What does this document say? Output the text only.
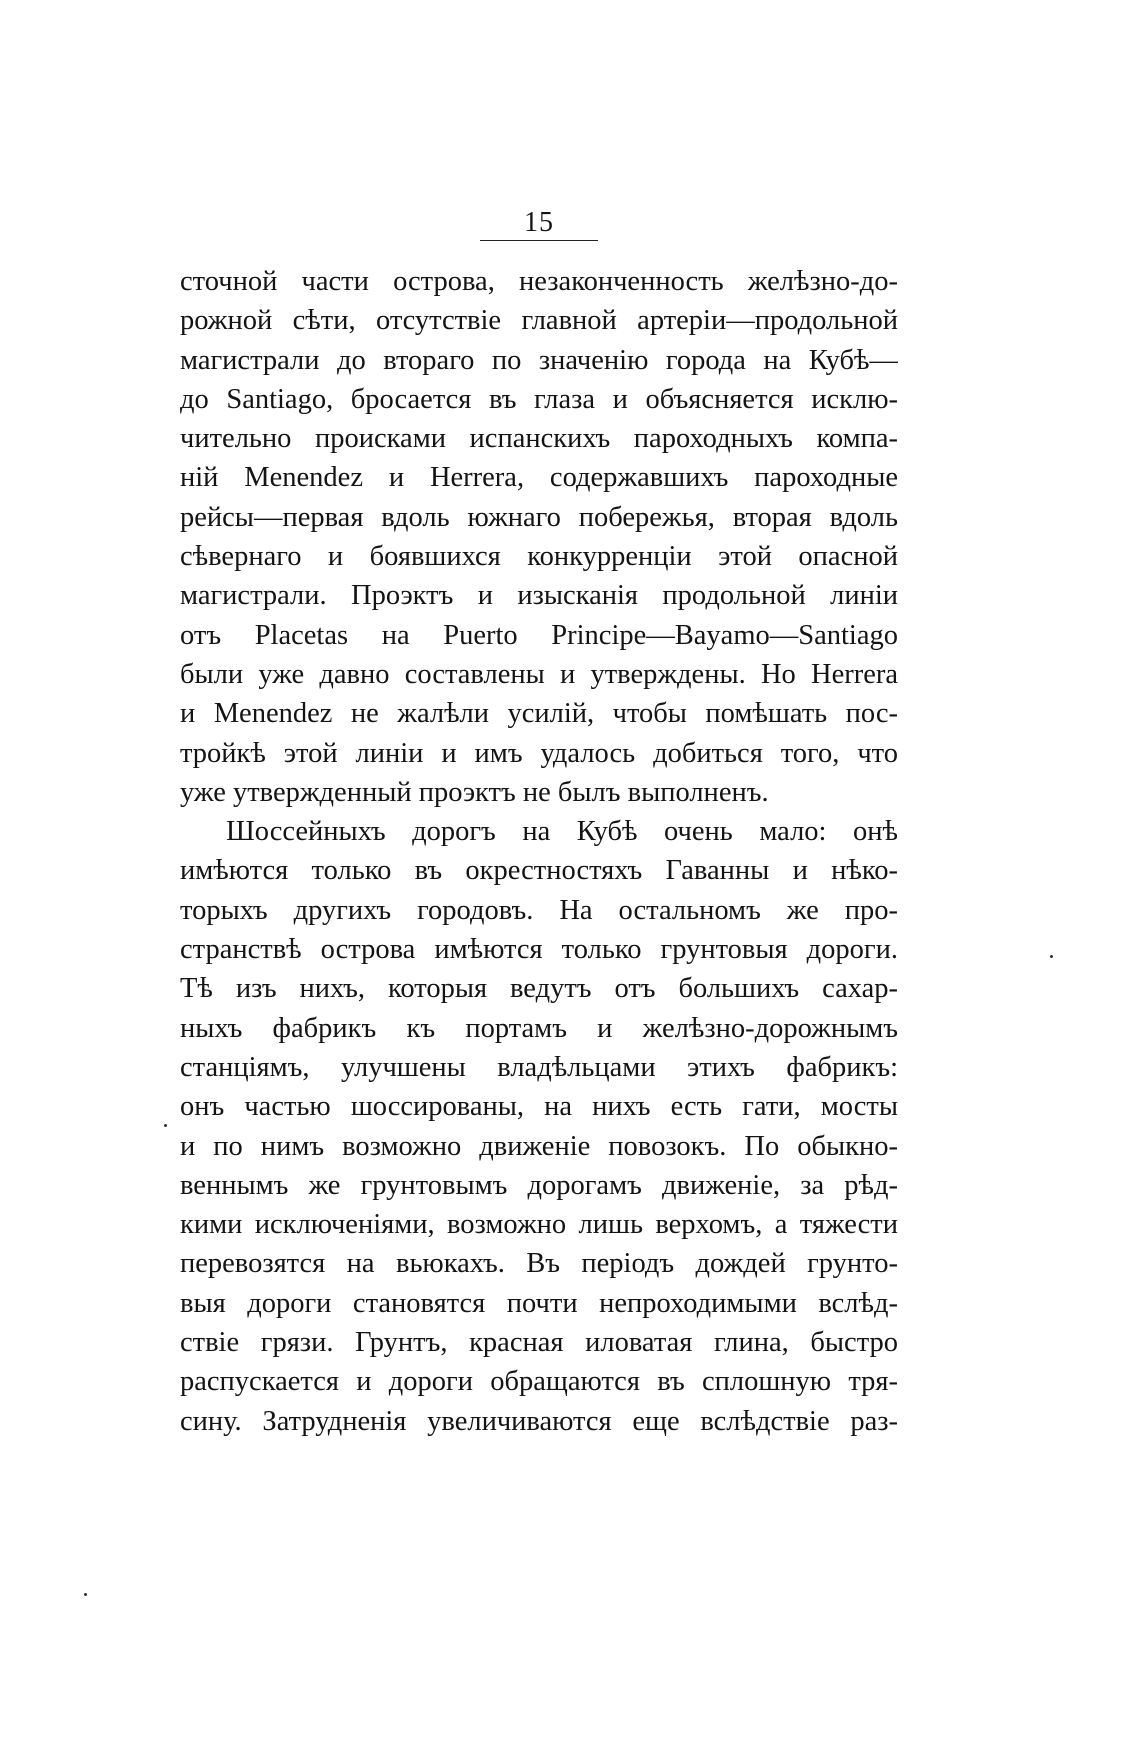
15
сточной части острова, незаконченность желѣзно-до-
рожной сѣти, отсутствіе главной артеріи—продольной
магистрали до втораго по значенію города на Кубѣ—
до Santiago, бросается въ глаза и объясняется исклю-
чительно происками испанскихъ пароходныхъ компа-
ній Menendez и Herrera, содержавшихъ пароходные
рейсы—первая вдоль южнаго побережья, вторая вдоль
сѣвернаго и боявшихся конкурренціи этой опасной
магистрали. Проэктъ и изысканія продольной линіи
отъ Placetas на Puerto Principe—Bayamo—Santiago
были уже давно составлены и утверждены. Но Herrera
и Menendez не жалѣли усилій, чтобы помѣшать пос-
тройкѣ этой линіи и имъ удалось добиться того, что
уже утвержденный проэктъ не былъ выполненъ.
Шоссейныхъ дорогъ на Кубѣ очень мало: онѣ
имѣются только въ окрестностяхъ Гаванны и нѣко-
торыхъ другихъ городовъ. На остальномъ же про-
странствѣ острова имѣются только грунтовыя дороги.
Тѣ изъ нихъ, которыя ведутъ отъ большихъ сахар-
ныхъ фабрикъ къ портамъ и желѣзно-дорожнымъ
станціямъ, улучшены владѣльцами этихъ фабрикъ:
онъ частью шоссированы, на нихъ есть гати, мосты
и по нимъ возможно движеніе повозокъ. По обыкно-
веннымъ же грунтовымъ дорогамъ движеніе, за рѣд-
кими исключеніями, возможно лишь верхомъ, а тяжести
перевозятся на вьюкахъ. Въ періодъ дождей грунто-
выя дороги становятся почти непроходимыми вслѣд-
ствіе грязи. Грунтъ, красная иловатая глина, быстро
распускается и дороги обращаются въ сплошную тря-
сину. Затрудненія увеличиваются еще вслѣдствіе раз-
